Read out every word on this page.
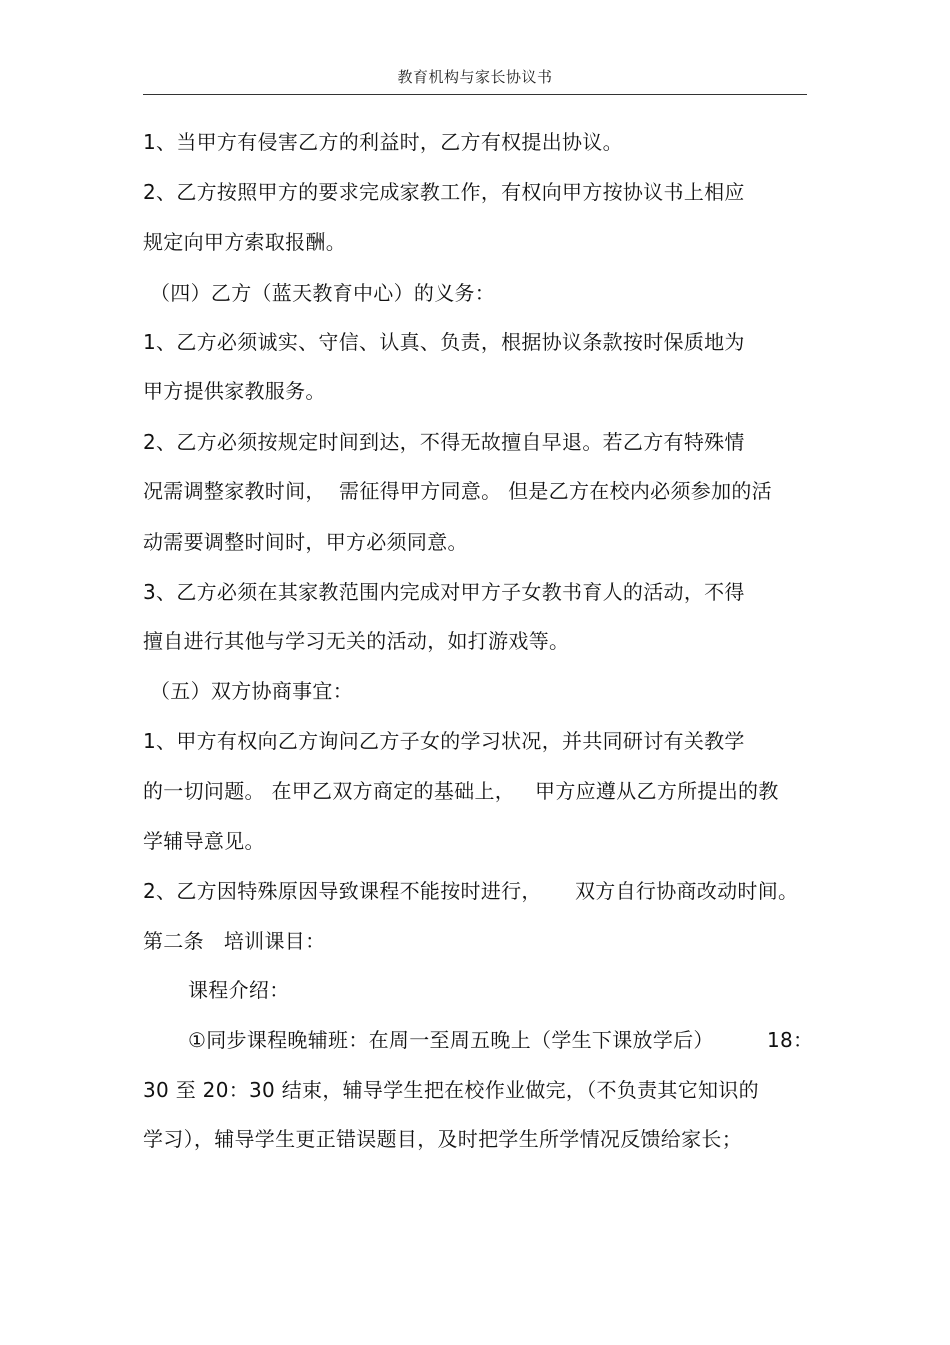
教育机构与家长协议书
1、当甲方有侵害乙方的利益时，乙方有权提出协议。
2、乙方按照甲方的要求完成家教工作，有权向甲方按协议书上相应
规定向甲方索取报酬。
（四）乙方（蓝天教育中心）的义务：
1、乙方必须诚实、守信、认真、负责，根据协议条款按时保质地为
甲方提供家教服务。
2、乙方必须按规定时间到达，不得无故擅自早退。若乙方有特殊情
况需调整家教时间，  需征得甲方同意。 但是乙方在校内必须参加的活
动需要调整时间时，甲方必须同意。
3、乙方必须在其家教范围内完成对甲方子女教书育人的活动，不得
擅自进行其他与学习无关的活动，如打游戏等。
（五）双方协商事宜：
1、甲方有权向乙方询问乙方子女的学习状况，并共同研讨有关教学
的一切问题。 在甲乙双方商定的基础上，   甲方应遵从乙方所提出的教
学辅导意见。
2、乙方因特殊原因导致课程不能按时进行，     双方自行协商改动时间。
第二条   培训课目：
课程介绍：
①同步课程晚辅班：在周一至周五晚上（学生下课放学后）        18：
30 至 20：30 结束，辅导学生把在校作业做完，（不负责其它知识的
学习），辅导学生更正错误题目，及时把学生所学情况反馈给家长；
